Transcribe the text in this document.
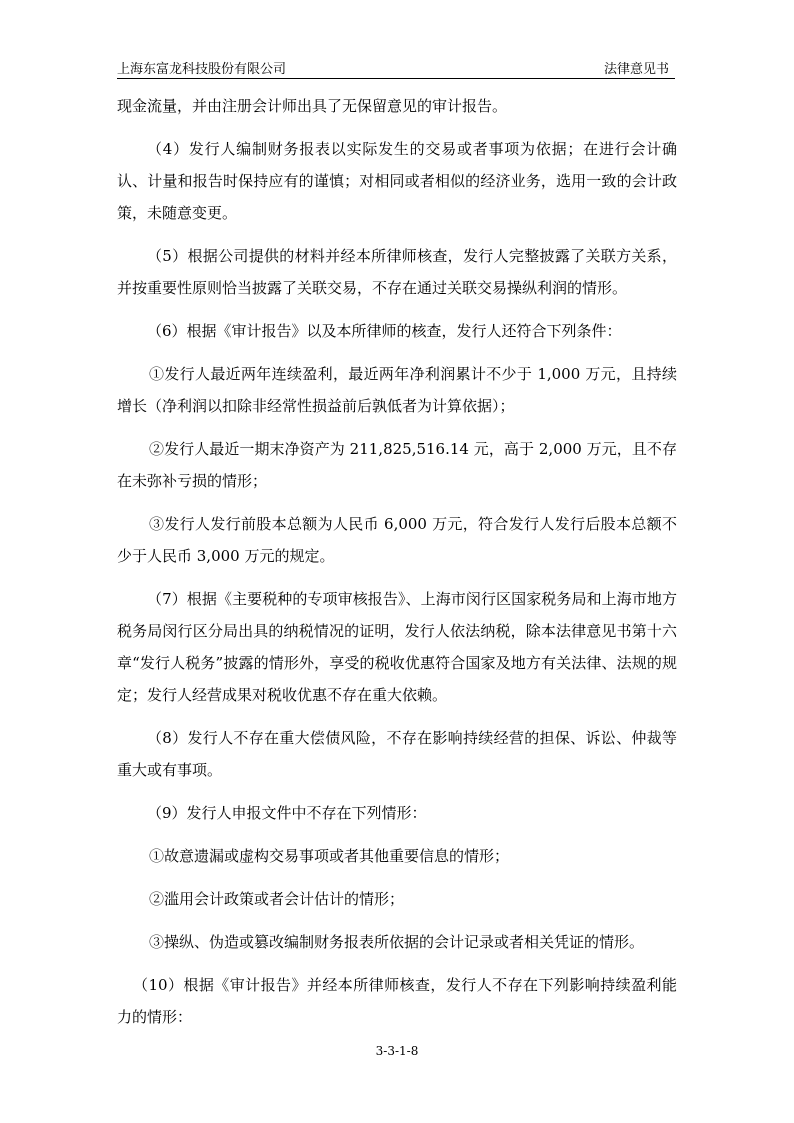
上海东富龙科技股份有限公司	法律意见书

现金流量，并由注册会计师出具了无保留意见的审计报告。

（4）发行人编制财务报表以实际发生的交易或者事项为依据；在进行会计确认、计量和报告时保持应有的谨慎；对相同或者相似的经济业务，选用一致的会计政策，未随意变更。

（5）根据公司提供的材料并经本所律师核查，发行人完整披露了关联方关系，并按重要性原则恰当披露了关联交易，不存在通过关联交易操纵利润的情形。

（6）根据《审计报告》以及本所律师的核查，发行人还符合下列条件：

①发行人最近两年连续盈利，最近两年净利润累计不少于 1,000 万元，且持续增长（净利润以扣除非经常性损益前后孰低者为计算依据）；

②发行人最近一期末净资产为 211,825,516.14 元，高于 2,000 万元，且不存在未弥补亏损的情形；

③发行人发行前股本总额为人民币 6,000 万元，符合发行人发行后股本总额不少于人民币 3,000 万元的规定。

（7）根据《主要税种的专项审核报告》、上海市闵行区国家税务局和上海市地方税务局闵行区分局出具的纳税情况的证明，发行人依法纳税，除本法律意见书第十六章“发行人税务”披露的情形外，享受的税收优惠符合国家及地方有关法律、法规的规定；发行人经营成果对税收优惠不存在重大依赖。

（8）发行人不存在重大偿债风险，不存在影响持续经营的担保、诉讼、仲裁等重大或有事项。

（9）发行人申报文件中不存在下列情形：

①故意遗漏或虚构交易事项或者其他重要信息的情形；

②滥用会计政策或者会计估计的情形；

③操纵、伪造或篡改编制财务报表所依据的会计记录或者相关凭证的情形。

（10）根据《审计报告》并经本所律师核查，发行人不存在下列影响持续盈利能力的情形：

3-3-1-8
